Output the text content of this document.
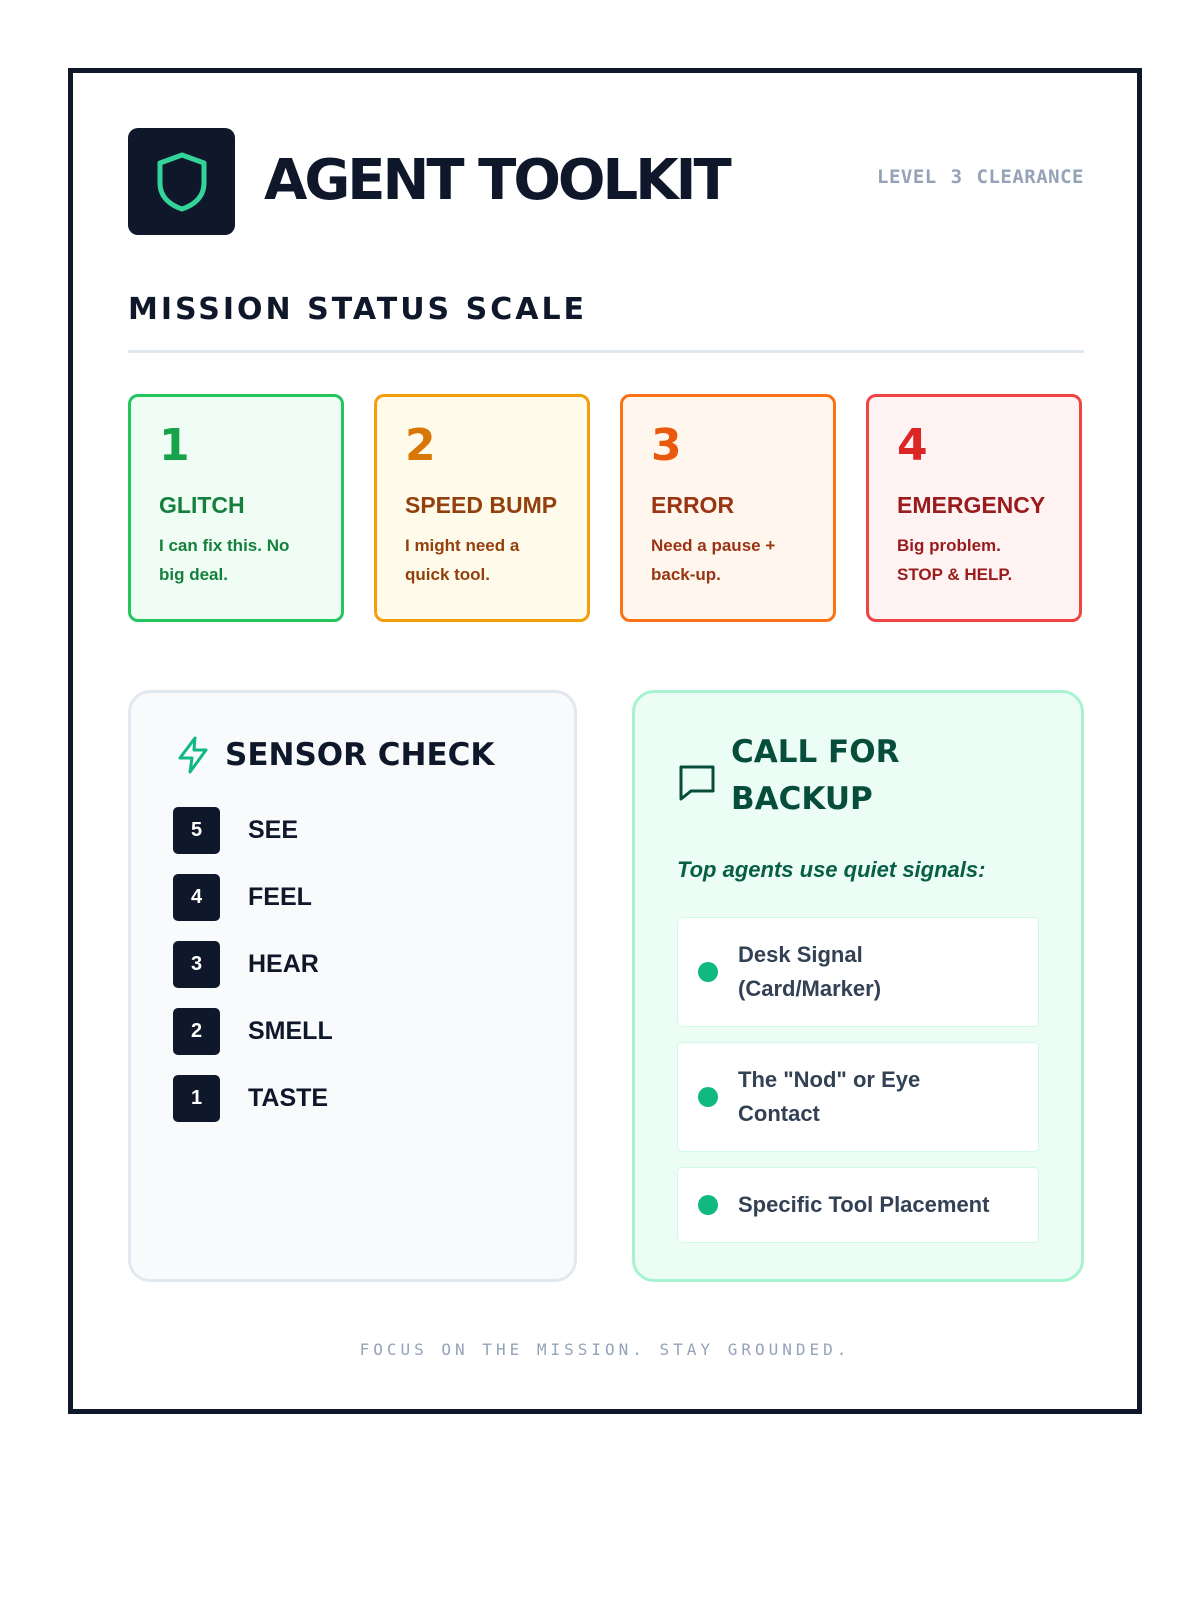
AGENT TOOLKIT	LEVEL 3 CLEARANCE
MISSION STATUS SCALE
1
GLITCH
I can fix this. No big deal.
2
SPEED BUMP
I might need a quick tool.
3
ERROR
Need a pause + back-up.
4
EMERGENCY
Big problem. STOP & HELP.
SENSOR CHECK
5	SEE
4	FEEL
3	HEAR
2	SMELL
1	TASTE
CALL FOR BACKUP

Top agents use quiet signals:

Desk Signal (Card/Marker)
The "Nod" or Eye Contact
Specific Tool Placement
FOCUS ON THE MISSION. STAY GROUNDED.
